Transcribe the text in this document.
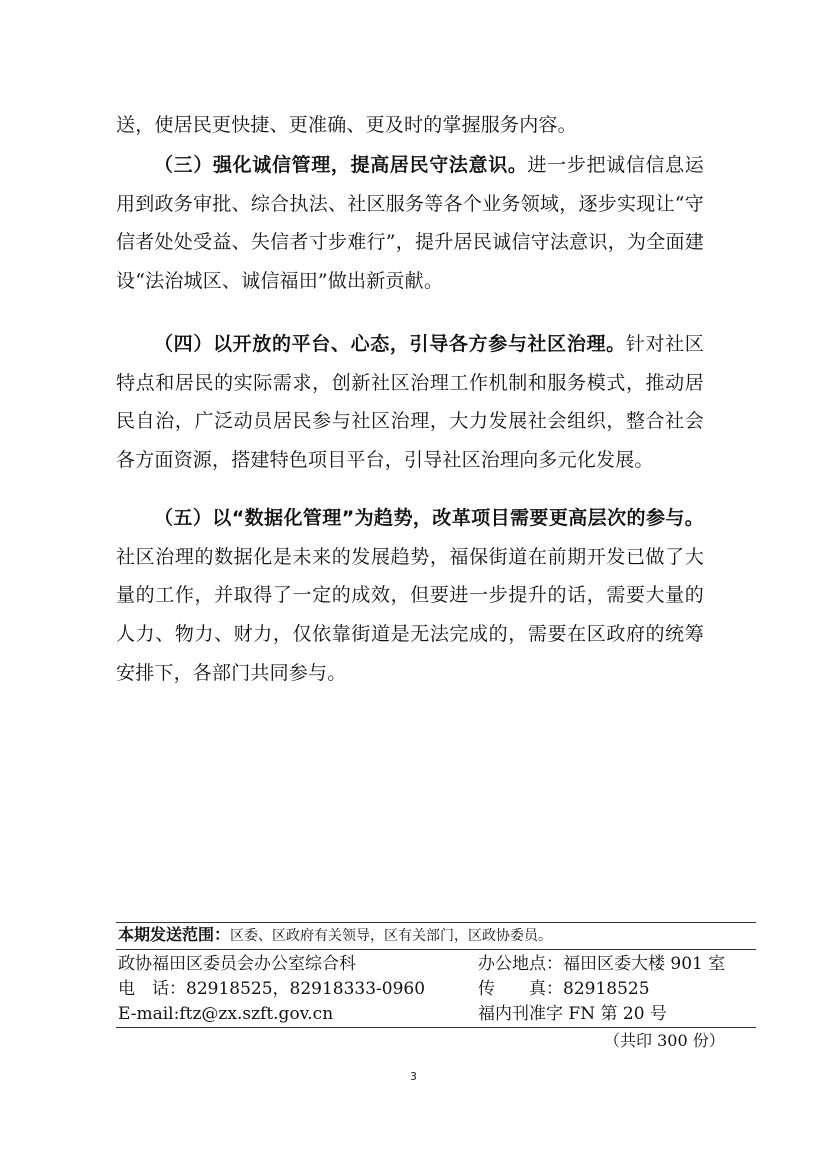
送，使居民更快捷、更准确、更及时的掌握服务内容。

（三）强化诚信管理，提高居民守法意识。进一步把诚信信息运用到政务审批、综合执法、社区服务等各个业务领域，逐步实现让“守信者处处受益、失信者寸步难行”，提升居民诚信守法意识，为全面建设“法治城区、诚信福田”做出新贡献。

（四）以开放的平台、心态，引导各方参与社区治理。针对社区特点和居民的实际需求，创新社区治理工作机制和服务模式，推动居民自治，广泛动员居民参与社区治理，大力发展社会组织，整合社会各方面资源，搭建特色项目平台，引导社区治理向多元化发展。

（五）以“数据化管理”为趋势，改革项目需要更高层次的参与。社区治理的数据化是未来的发展趋势，福保街道在前期开发已做了大量的工作，并取得了一定的成效，但要进一步提升的话，需要大量的人力、物力、财力，仅依靠街道是无法完成的，需要在区政府的统筹安排下，各部门共同参与。

本期发送范围：区委、区政府有关领导，区有关部门，区政协委员。
政协福田区委员会办公室综合科	办公地点：福田区委大楼 901 室
电　话：82918525，82918333-0960	传　　真：82918525
E-mail:ftz@zx.szft.gov.cn	福内刊准字 FN 第 20 号
（共印 300 份）
3
